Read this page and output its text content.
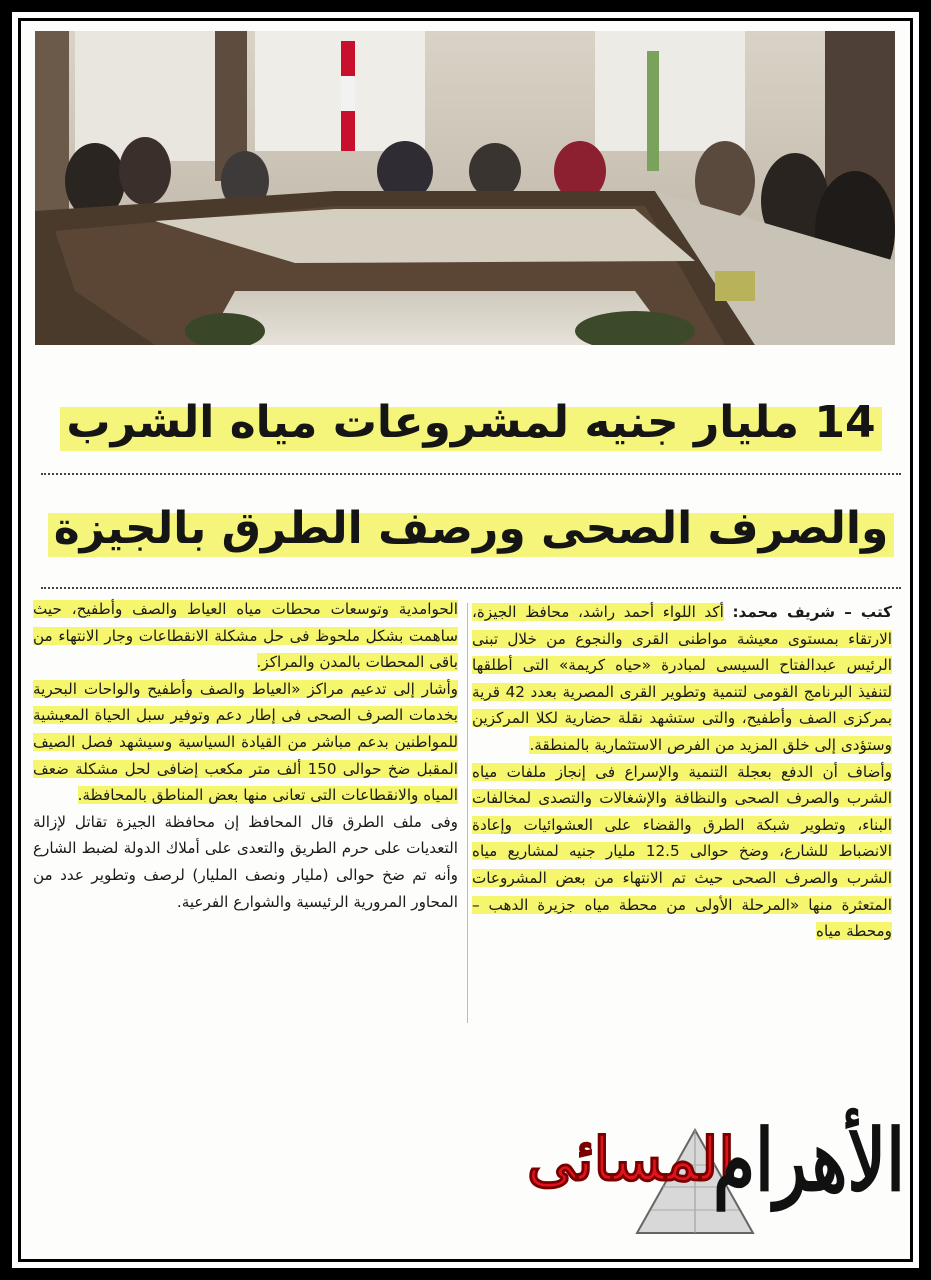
14 مليار جنيه لمشروعات مياه الشرب
والصرف الصحى ورصف الطرق بالجيزة

كتب – شريف محمد: أكد اللواء أحمد راشد، محافظ الجيزة، الارتقاء بمستوى معيشة مواطنى القرى والنجوع من خلال تبنى الرئيس عبدالفتاح السيسى لمبادرة «حياه كريمة» التى أطلقها لتنفيذ البرنامج القومى لتنمية وتطوير القرى المصرية بعدد 42 قرية بمركزى الصف وأطفيح، والتى ستشهد نقلة حضارية لكلا المركزين وستؤدى إلى خلق المزيد من الفرص الاستثمارية بالمنطقة.

وأضاف أن الدفع بعجلة التنمية والإسراع فى إنجاز ملفات مياه الشرب والصرف الصحى والنظافة والإشغالات والتصدى لمخالفات البناء، وتطوير شبكة الطرق والقضاء على العشوائيات وإعادة الانضباط للشارع، وضخ حوالى 12.5 مليار جنيه لمشاريع مياه الشرب والصرف الصحى حيث تم الانتهاء من بعض المشروعات المتعثرة منها «المرحلة الأولى من محطة مياه جزيرة الدهب – ومحطة مياه

الحوامدية وتوسعات محطات مياه العياط والصف وأطفيح، حيث ساهمت بشكل ملحوظ فى حل مشكلة الانقطاعات وجار الانتهاء من باقى المحطات بالمدن والمراكز.

وأشار إلى تدعيم مراكز «العياط والصف وأطفيح والواحات البحرية بخدمات الصرف الصحى فى إطار دعم وتوفير سبل الحياة المعيشية للمواطنين بدعم مباشر من القيادة السياسية وسيشهد فصل الصيف المقبل ضخ حوالى 150 ألف متر مكعب إضافى لحل مشكلة ضعف المياه والانقطاعات التى تعانى منها بعض المناطق بالمحافظة.

وفى ملف الطرق قال المحافظ إن محافظة الجيزة تقاتل لإزالة التعديات على حرم الطريق والتعدى على أملاك الدولة لضبط الشارع وأنه تم ضخ حوالى (مليار ونصف المليار) لرصف وتطوير عدد من المحاور المرورية الرئيسية والشوارع الفرعية.

المسائى
الأهرام
